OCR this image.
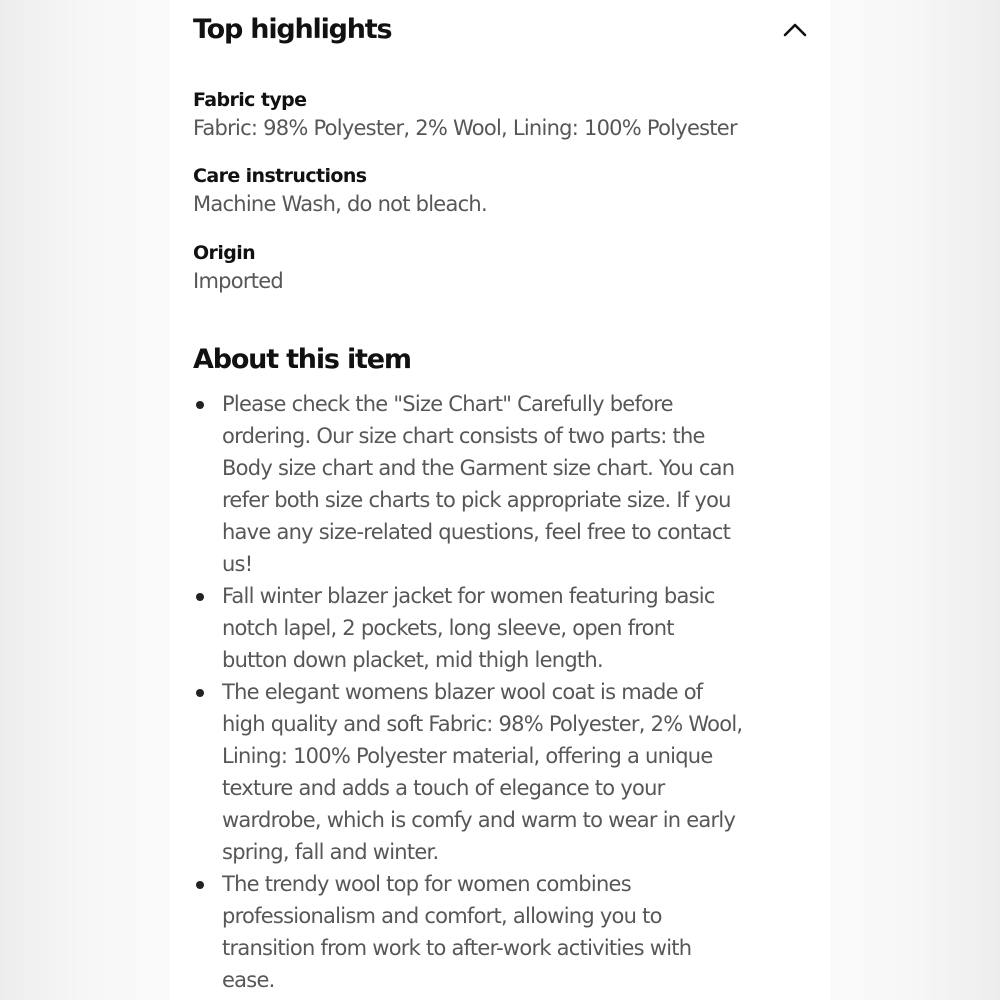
Top highlights
Fabric type
Fabric: 98% Polyester, 2% Wool, Lining: 100% Polyester
Care instructions
Machine Wash, do not bleach.
Origin
Imported
About this item
Please check the "Size Chart" Carefully before
ordering. Our size chart consists of two parts: the
Body size chart and the Garment size chart. You can
refer both size charts to pick appropriate size. If you
have any size-related questions, feel free to contact
us!
Fall winter blazer jacket for women featuring basic
notch lapel, 2 pockets, long sleeve, open front
button down placket, mid thigh length.
The elegant womens blazer wool coat is made of
high quality and soft Fabric: 98% Polyester, 2% Wool,
Lining: 100% Polyester material, offering a unique
texture and adds a touch of elegance to your
wardrobe, which is comfy and warm to wear in early
spring, fall and winter.
The trendy wool top for women combines
professionalism and comfort, allowing you to
transition from work to after-work activities with
ease.
